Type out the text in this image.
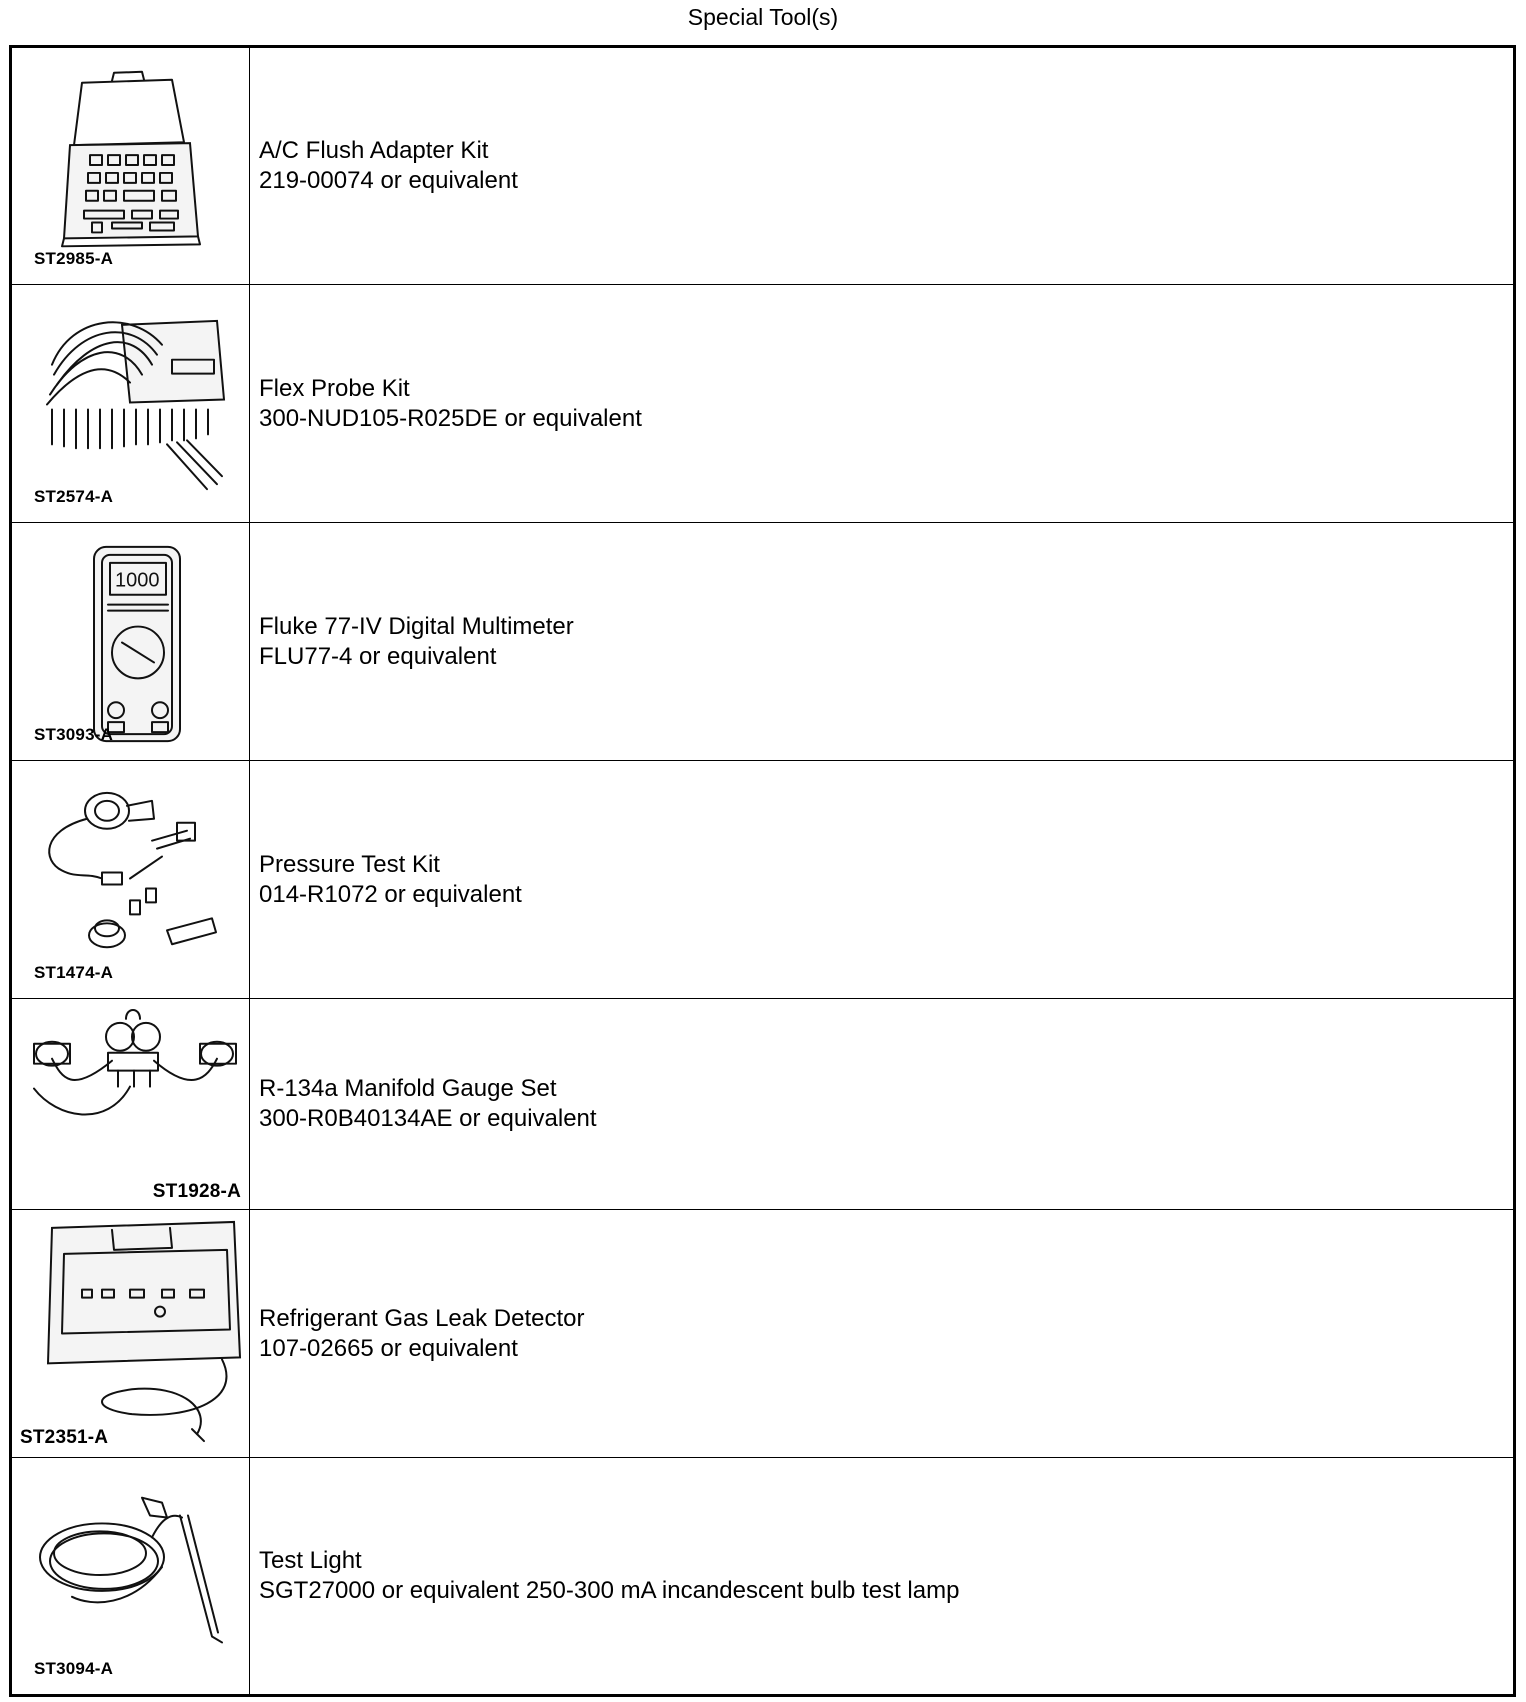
Special Tool(s)
ST2985-A	A/C Flush Adapter Kit
219-00074 or equivalent

ST2574-A	Flex Probe Kit
300-NUD105-R025DE or equivalent

1000
ST3093-A	Fluke 77-IV Digital Multimeter
FLU77-4 or equivalent

ST1474-A	Pressure Test Kit
014-R1072 or equivalent

ST1928-A	R-134a Manifold Gauge Set
300-R0B40134AE or equivalent

ST2351-A	Refrigerant Gas Leak Detector
107-02665 or equivalent

ST3094-A	Test Light
SGT27000 or equivalent 250-300 mA incandescent bulb test lamp
